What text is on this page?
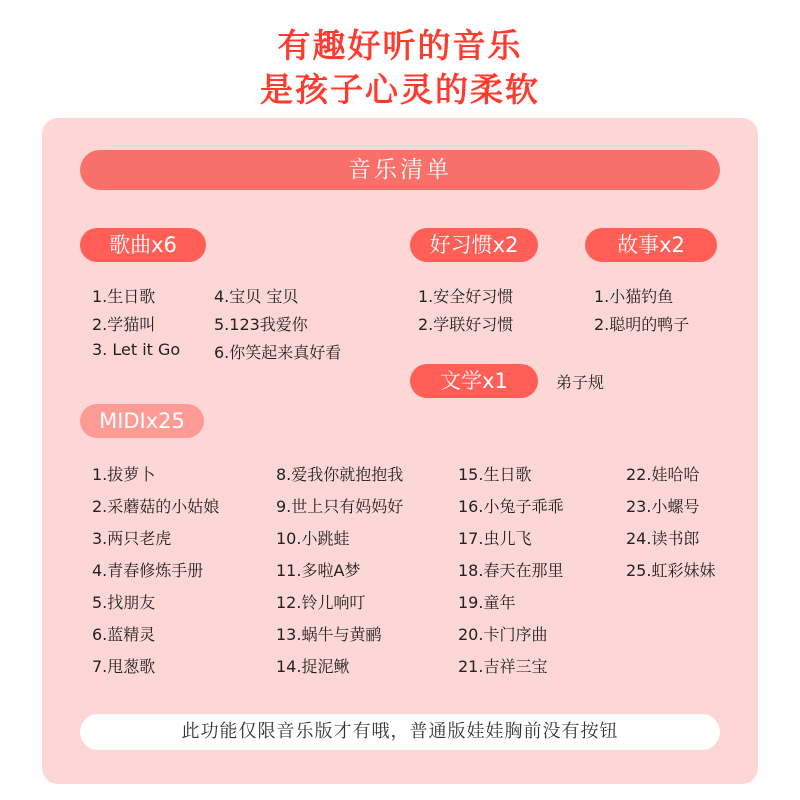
有趣好听的音乐
是孩子心灵的柔软
音乐清单
歌曲x6
1.生日歌
2.学猫叫
3. Let it Go
4.宝贝 宝贝
5.123我爱你
6.你笑起来真好看
好习惯x2
1.安全好习惯
2.学联好习惯
故事x2
1.小猫钓鱼
2.聪明的鸭子
文学x1	弟子规
MIDIx25
1.拔萝卜
2.采蘑菇的小姑娘
3.两只老虎
4.青春修炼手册
5.找朋友
6.蓝精灵
7.甩葱歌
8.爱我你就抱抱我
9.世上只有妈妈好
10.小跳蛙
11.多啦A梦
12.铃儿响叮
13.蜗牛与黄鹂
14.捉泥鳅
15.生日歌
16.小兔子乖乖
17.虫儿飞
18.春天在那里
19.童年
20.卡门序曲
21.吉祥三宝
22.娃哈哈
23.小螺号
24.读书郎
25.虹彩妹妹
此功能仅限音乐版才有哦，普通版娃娃胸前没有按钮
